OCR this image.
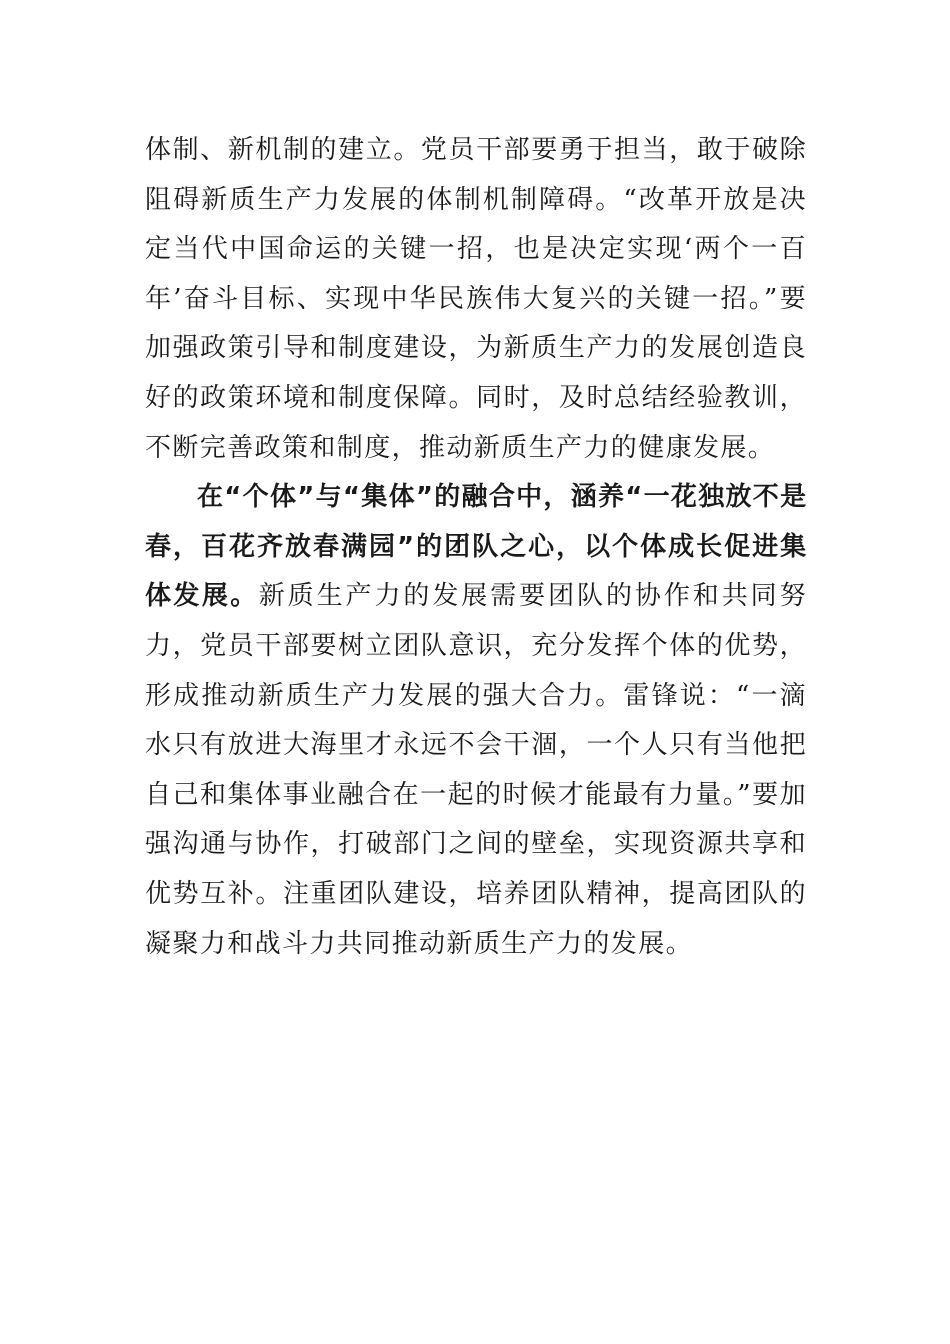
体制、新机制的建立。党员干部要勇于担当，敢于破除阻碍新质生产力发展的体制机制障碍。“改革开放是决定当代中国命运的关键一招，也是决定实现‘两个一百年’奋斗目标、实现中华民族伟大复兴的关键一招。”要加强政策引导和制度建设，为新质生产力的发展创造良好的政策环境和制度保障。同时，及时总结经验教训，不断完善政策和制度，推动新质生产力的健康发展。

在“个体”与“集体”的融合中，涵养“一花独放不是春，百花齐放春满园”的团队之心，以个体成长促进集体发展。新质生产力的发展需要团队的协作和共同努力，党员干部要树立团队意识，充分发挥个体的优势，形成推动新质生产力发展的强大合力。雷锋说：“一滴水只有放进大海里才永远不会干涸，一个人只有当他把自己和集体事业融合在一起的时候才能最有力量。”要加强沟通与协作，打破部门之间的壁垒，实现资源共享和优势互补。注重团队建设，培养团队精神，提高团队的凝聚力和战斗力共同推动新质生产力的发展。
